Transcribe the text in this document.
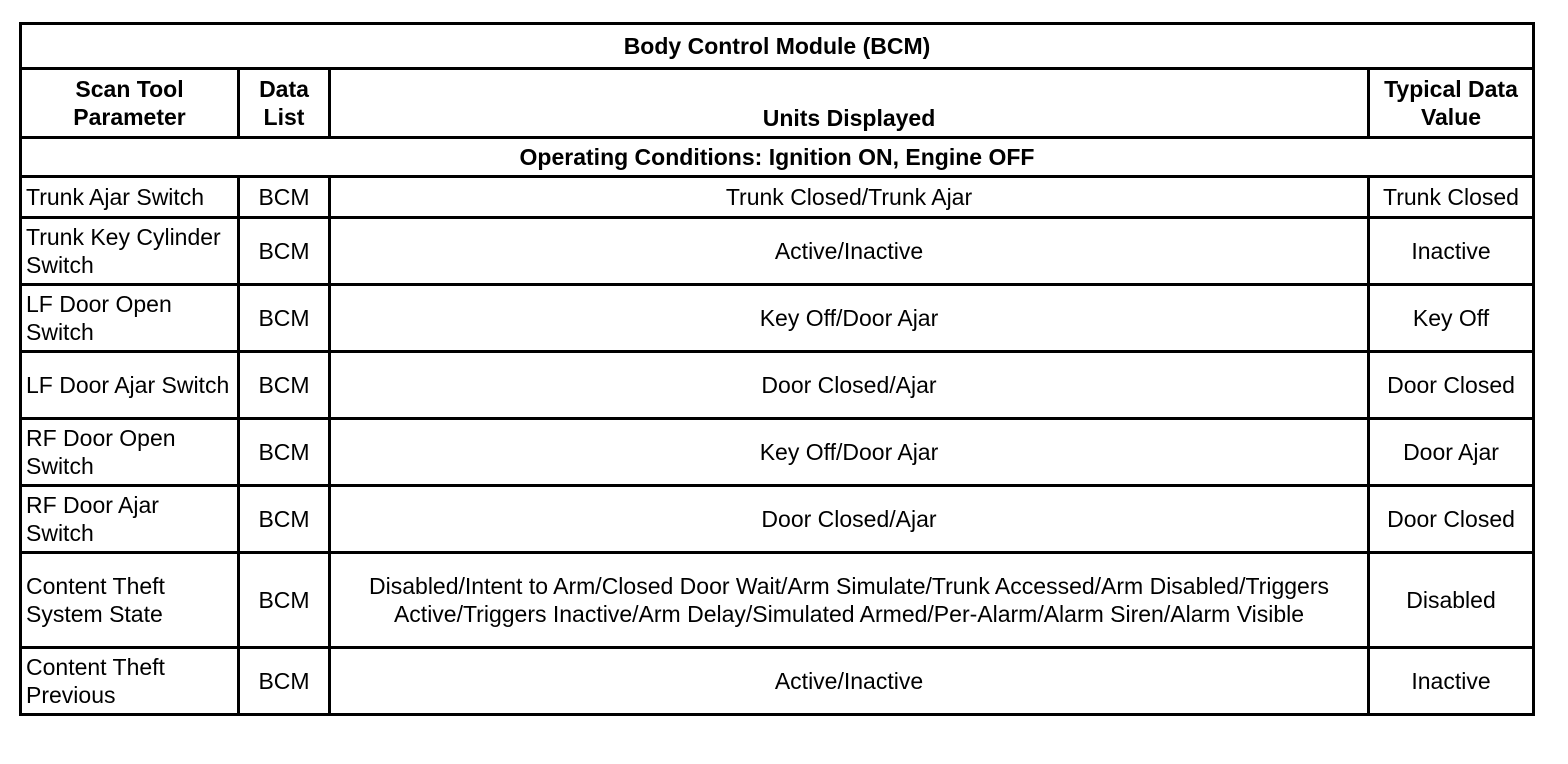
Body Control Module (BCM)			
Scan Tool Parameter	Data List	Units Displayed	Typical Data Value
Operating Conditions: Ignition ON, Engine OFF			
Trunk Ajar Switch	BCM	Trunk Closed/Trunk Ajar	Trunk Closed
Trunk Key Cylinder Switch	BCM	Active/Inactive	Inactive
LF Door Open Switch	BCM	Key Off/Door Ajar	Key Off
LF Door Ajar Switch	BCM	Door Closed/Ajar	Door Closed
RF Door Open Switch	BCM	Key Off/Door Ajar	Door Ajar
RF Door Ajar Switch	BCM	Door Closed/Ajar	Door Closed
Content Theft System State	BCM	Disabled/Intent to Arm/Closed Door Wait/Arm Simulate/Trunk Accessed/Arm Disabled/Triggers Active/Triggers Inactive/Arm Delay/Simulated Armed/Per-Alarm/Alarm Siren/Alarm Visible	Disabled
Content Theft Previous	BCM	Active/Inactive	Inactive
